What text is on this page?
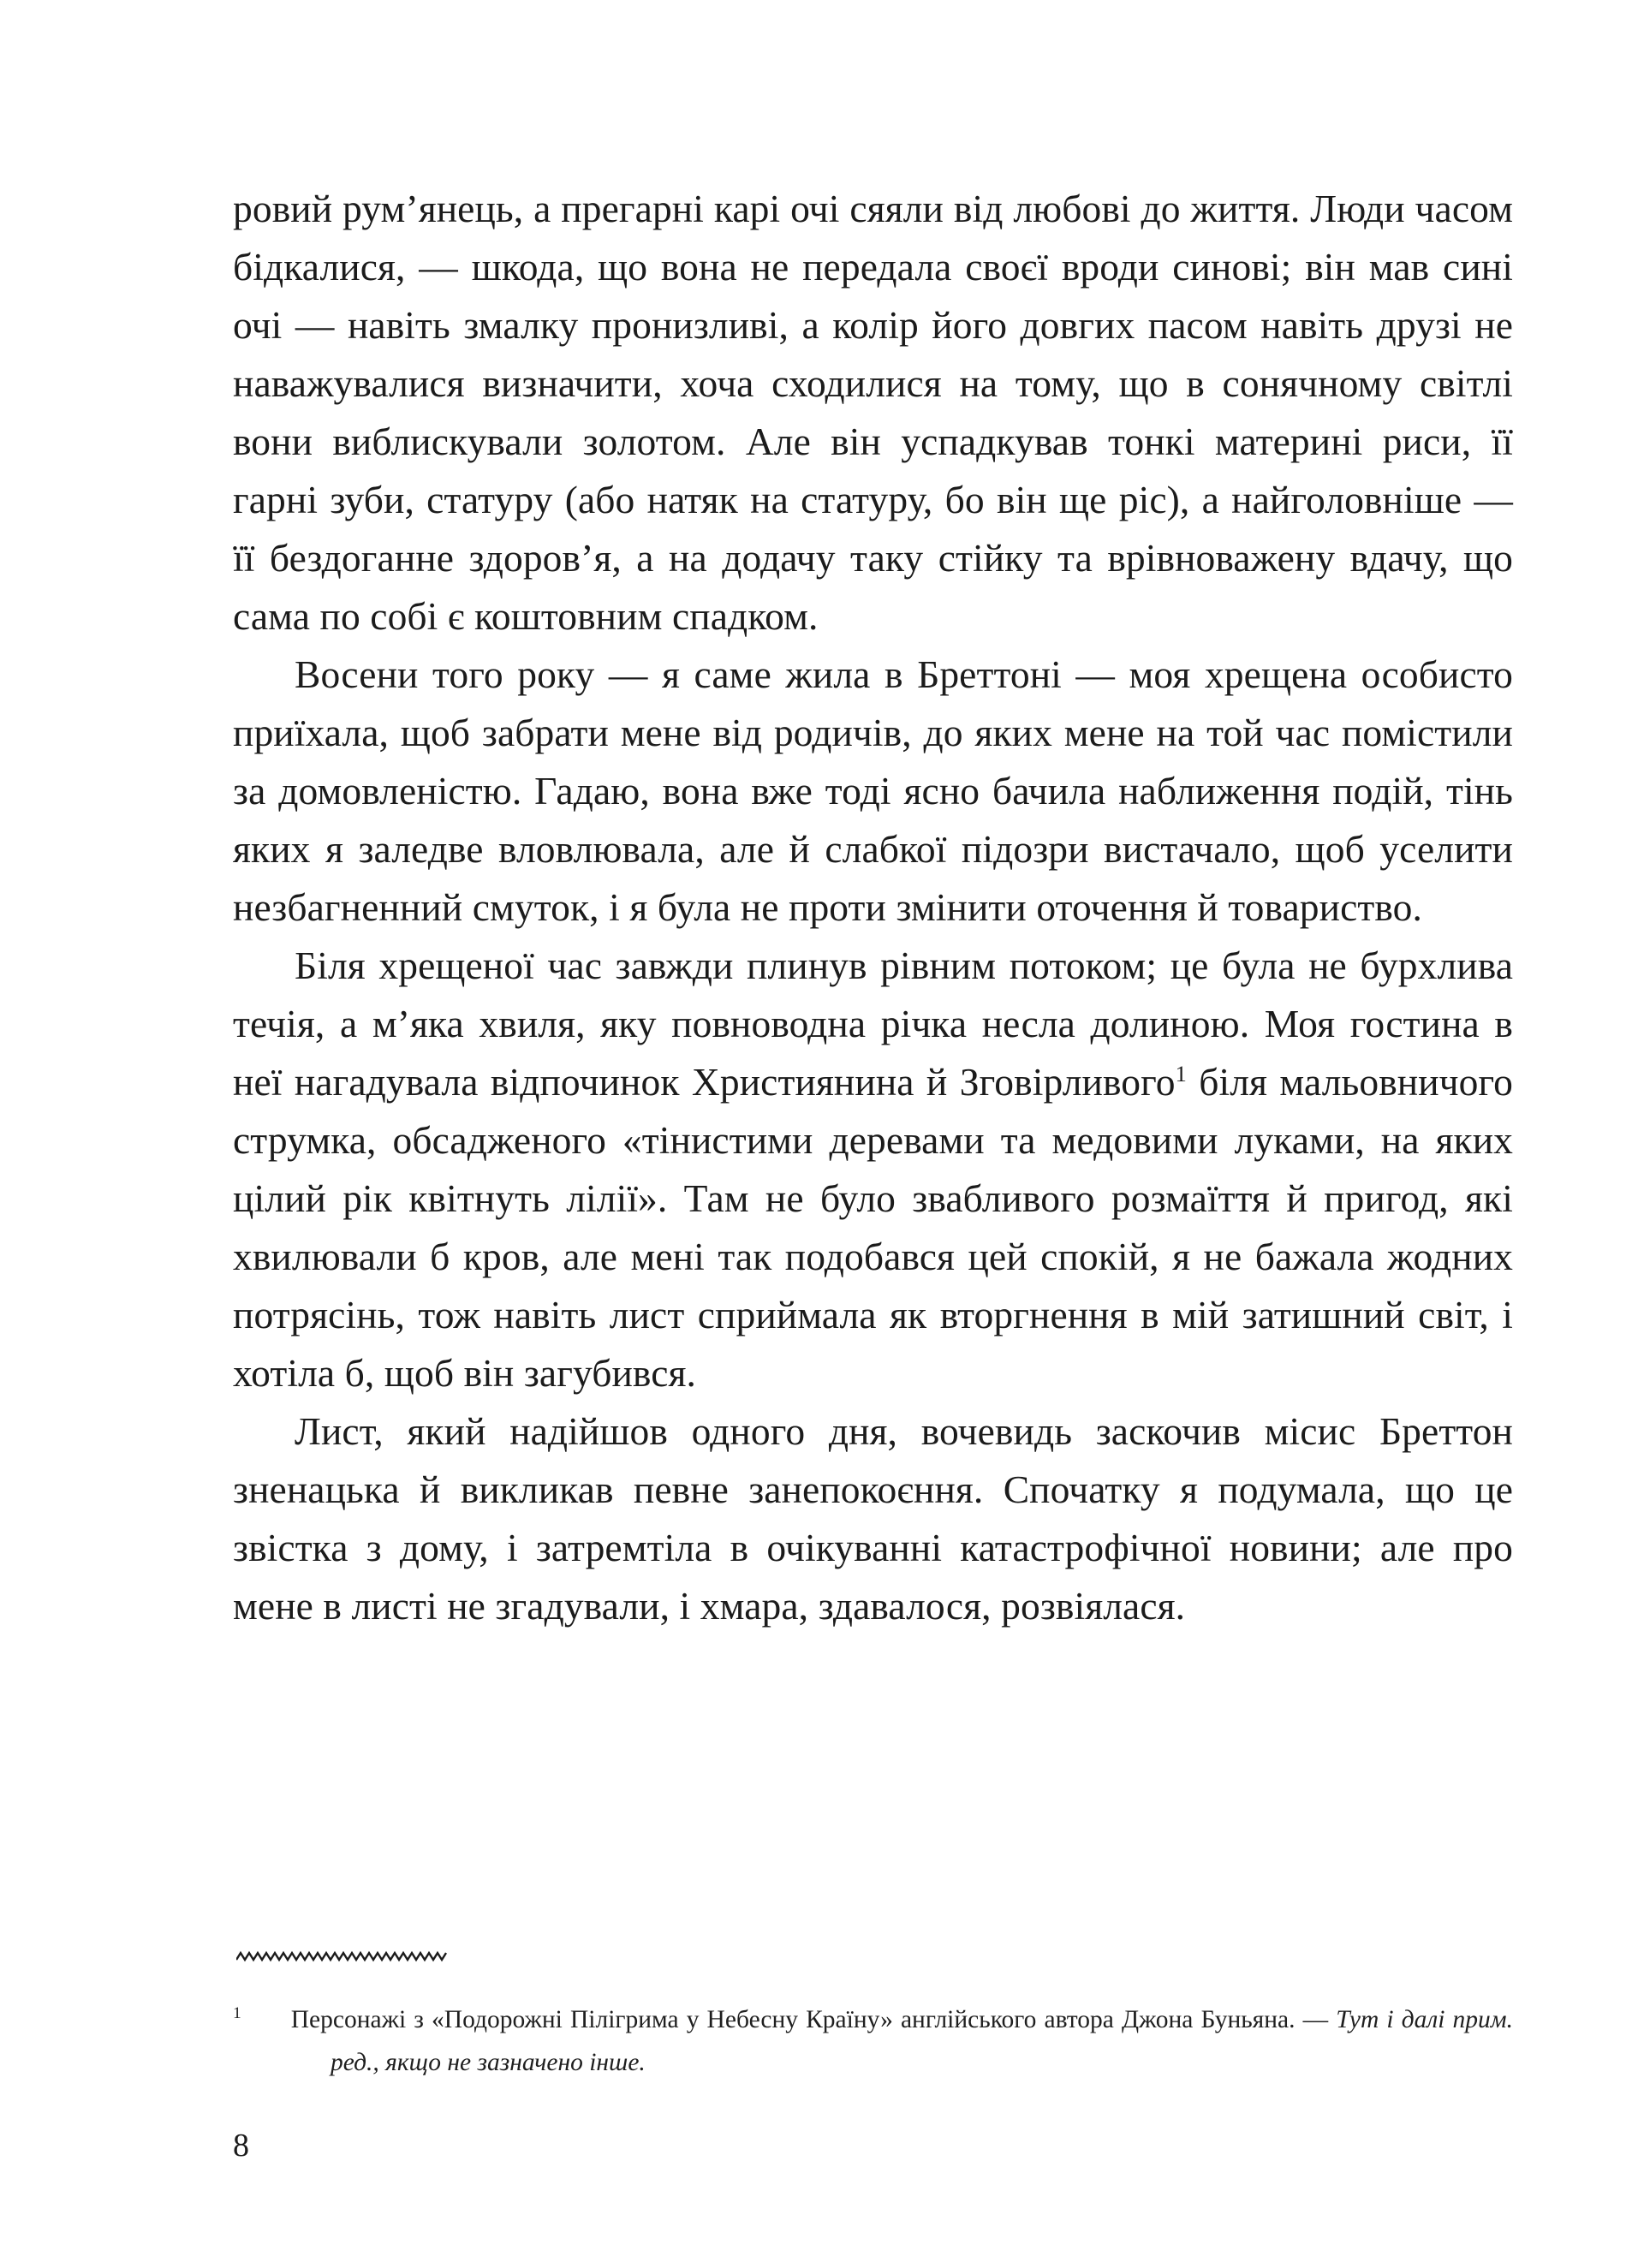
ровий рум’янець, а прегарні карі очі сяяли від любові до життя. Люди часом бідкалися, — шкода, що вона не передала своєї вроди синові; він мав сині очі — навіть змалку пронизливі, а колір його довгих пасом навіть друзі не наважувалися визначити, хоча сходилися на тому, що в сонячному світлі вони виблискували золотом. Але він успадкував тонкі материні риси, її гарні зуби, статуру (або натяк на статуру, бо він ще ріс), а найголовніше — її бездоганне здоров’я, а на додачу таку стійку та врівноважену вдачу, що сама по собі є коштовним спадком.

Восени того року — я саме жила в Бреттоні — моя хрещена особисто приїхала, щоб забрати мене від родичів, до яких мене на той час помістили за домовленістю. Гадаю, вона вже тоді ясно бачила наближення подій, тінь яких я заледве вловлювала, але й слабкої підозри вистачало, щоб уселити незбагненний смуток, і я була не проти змінити оточення й товариство.

Біля хрещеної час завжди плинув рівним потоком; це була не бурхлива течія, а м’яка хвиля, яку повноводна річка несла долиною. Моя гостина в неї нагадувала відпочинок Християнина й Зговірливого$^1$ біля мальовничого струмка, обсадженого «тінистими деревами та медовими луками, на яких цілий рік квітнуть лілії». Там не було звабливого розмаїття й пригод, які хвилювали б кров, але мені так подобався цей спокій, я не бажала жодних потрясінь, тож навіть лист сприймала як вторгнення в мій затишний світ, і хотіла б, щоб він загубився.

Лист, який надійшов одного дня, вочевидь заскочив місис Бреттон зненацька й викликав певне занепокоєння. Спочатку я подумала, що це звістка з дому, і затремтіла в очікуванні катастрофічної новини; але про мене в листі не згадували, і хмара, здавалося, розвіялася.

$^1$ Персонажі з «Подорожні Пілігрима у Небесну Країну» англійського автора Джона Буньяна. — Тут і далі прим. ред., якщо не зазначено інше.
8
